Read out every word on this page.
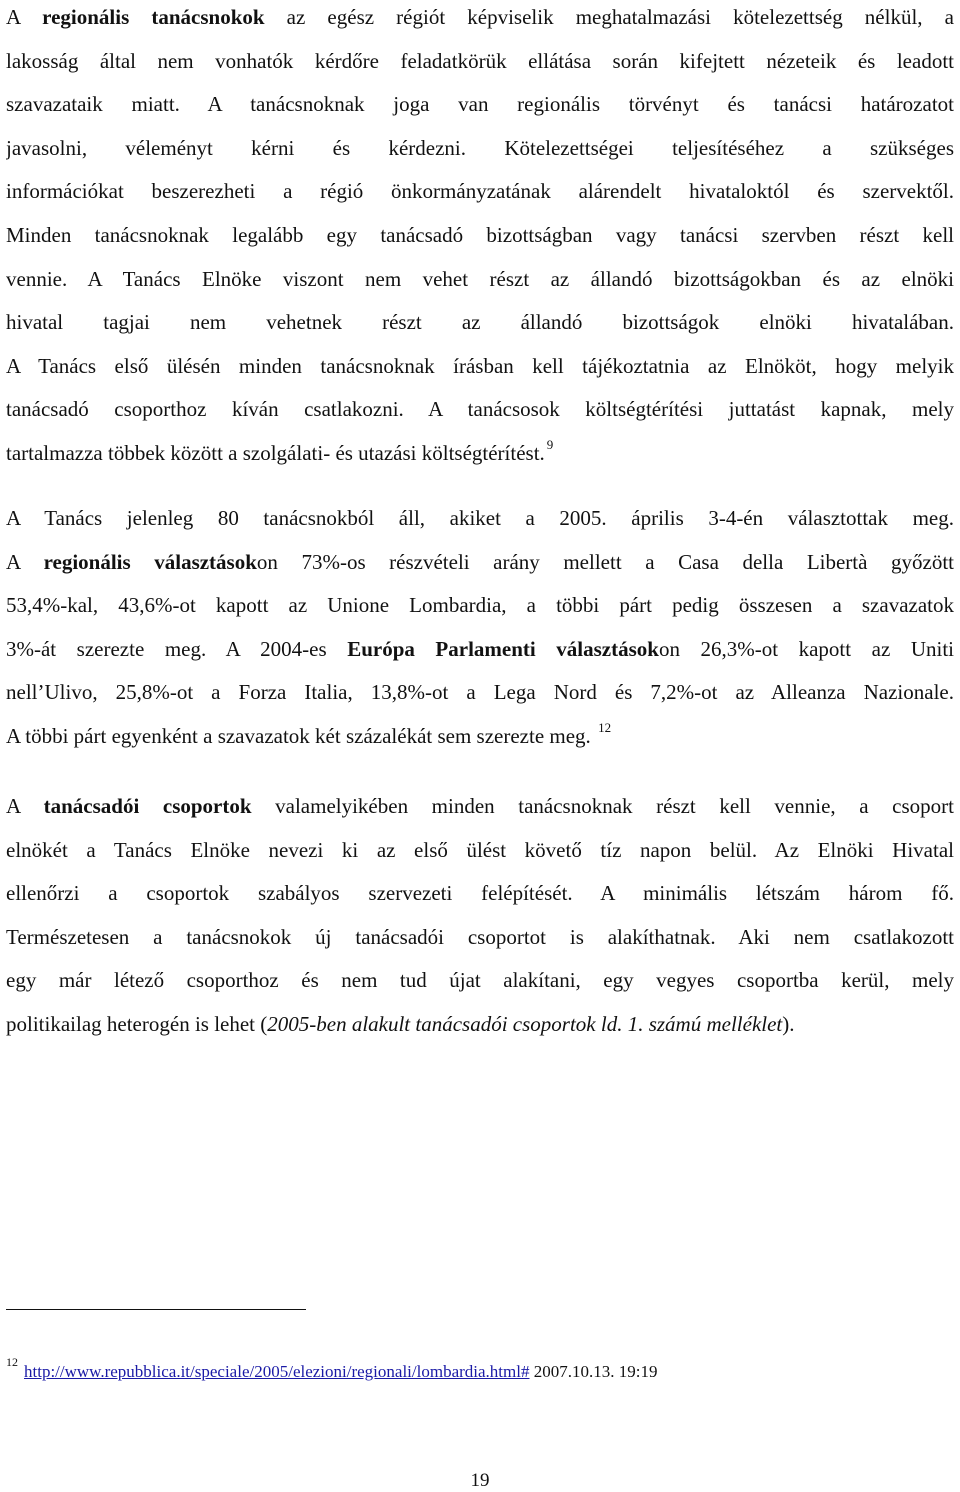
A regionális tanácsnokok az egész régiót képviselik meghatalmazási kötelezettség nélkül, a
lakosság által nem vonhatók kérdőre feladatkörük ellátása során kifejtett nézeteik és leadott
szavazataik miatt. A tanácsnoknak joga van regionális törvényt és tanácsi határozatot
javasolni, véleményt kérni és kérdezni. Kötelezettségei teljesítéséhez a szükséges
információkat beszerezheti a régió önkormányzatának alárendelt hivataloktól és szervektől.
Minden tanácsnoknak legalább egy tanácsadó bizottságban vagy tanácsi szervben részt kell
vennie. A Tanács Elnöke viszont nem vehet részt az állandó bizottságokban és az elnöki
hivatal tagjai nem vehetnek részt az állandó bizottságok elnöki hivatalában.
A Tanács első ülésén minden tanácsnoknak írásban kell tájékoztatnia az Elnököt, hogy melyik
tanácsadó csoporthoz kíván csatlakozni. A tanácsosok költségtérítési juttatást kapnak, mely
tartalmazza többek között a szolgálati- és utazási költségtérítést. $^9$
A Tanács jelenleg 80 tanácsnokból áll, akiket a 2005. április 3-4-én választottak meg.
A regionális választásokon 73%-os részvételi arány mellett a Casa della Libertà győzött
53,4%-kal, 43,6%-ot kapott az Unione Lombardia, a többi párt pedig összesen a szavazatok
3%-át szerezte meg. A 2004-es Európa Parlamenti választásokon 26,3%-ot kapott az Uniti
nell’Ulivo, 25,8%-ot a Forza Italia, 13,8%-ot a Lega Nord és 7,2%-ot az Alleanza Nazionale.
A többi párt egyenként a szavazatok két százalékát sem szerezte meg. $^{12}$
A tanácsadói csoportok valamelyikében minden tanácsnoknak részt kell vennie, a csoport
elnökét a Tanács Elnöke nevezi ki az első ülést követő tíz napon belül. Az Elnöki Hivatal
ellenőrzi a csoportok szabályos szervezeti felépítését. A minimális létszám három fő.
Természetesen a tanácsnokok új tanácsadói csoportot is alakíthatnak. Aki nem csatlakozott
egy már létező csoporthoz és nem tud újat alakítani, egy vegyes csoportba kerül, mely
politikailag heterogén is lehet (2005-ben alakult tanácsadói csoportok ld. 1. számú melléklet).
$^{12}$ http://www.repubblica.it/speciale/2005/elezioni/regionali/lombardia.html# 2007.10.13. 19:19
19
